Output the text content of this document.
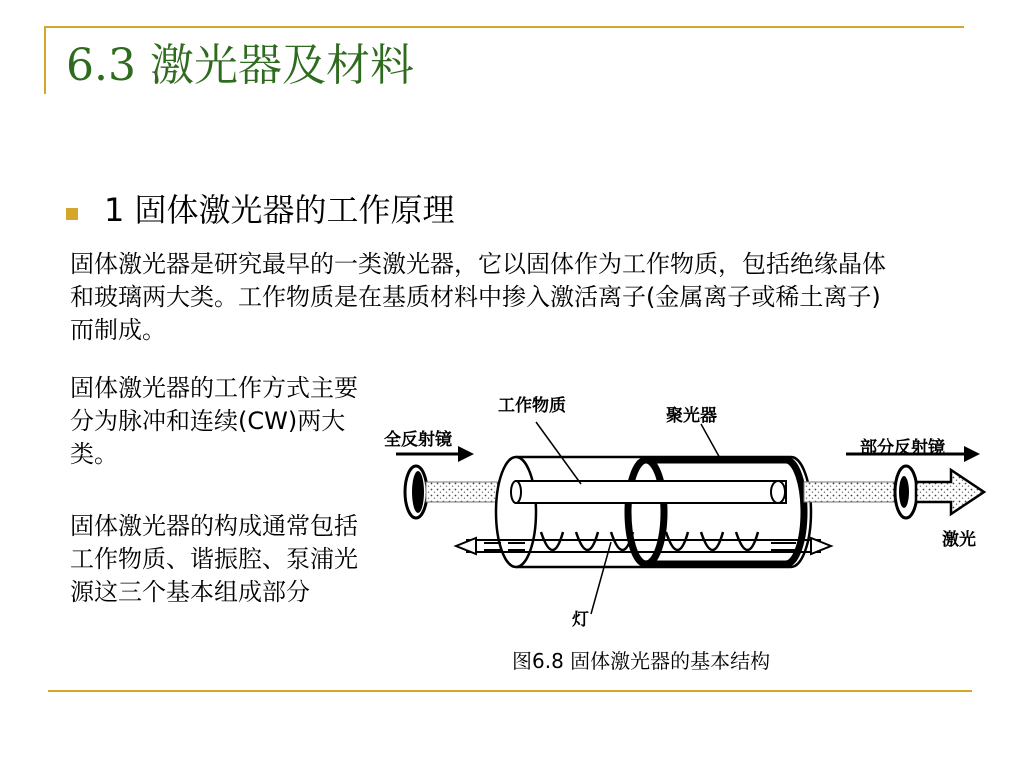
6.3 激光器及材料
1 固体激光器的工作原理
固体激光器是研究最早的一类激光器，它以固体作为工作物质，包括绝缘晶体和玻璃两大类。工作物质是在基质材料中掺入激活离子(金属离子或稀土离子)而制成。
固体激光器的工作方式主要分为脉冲和连续(CW)两大类。
固体激光器的构成通常包括工作物质、谐振腔、泵浦光源这三个基本组成部分
工作物质	聚光器
全反射镜	部分反射镜
激光
灯
图6.8 固体激光器的基本结构
